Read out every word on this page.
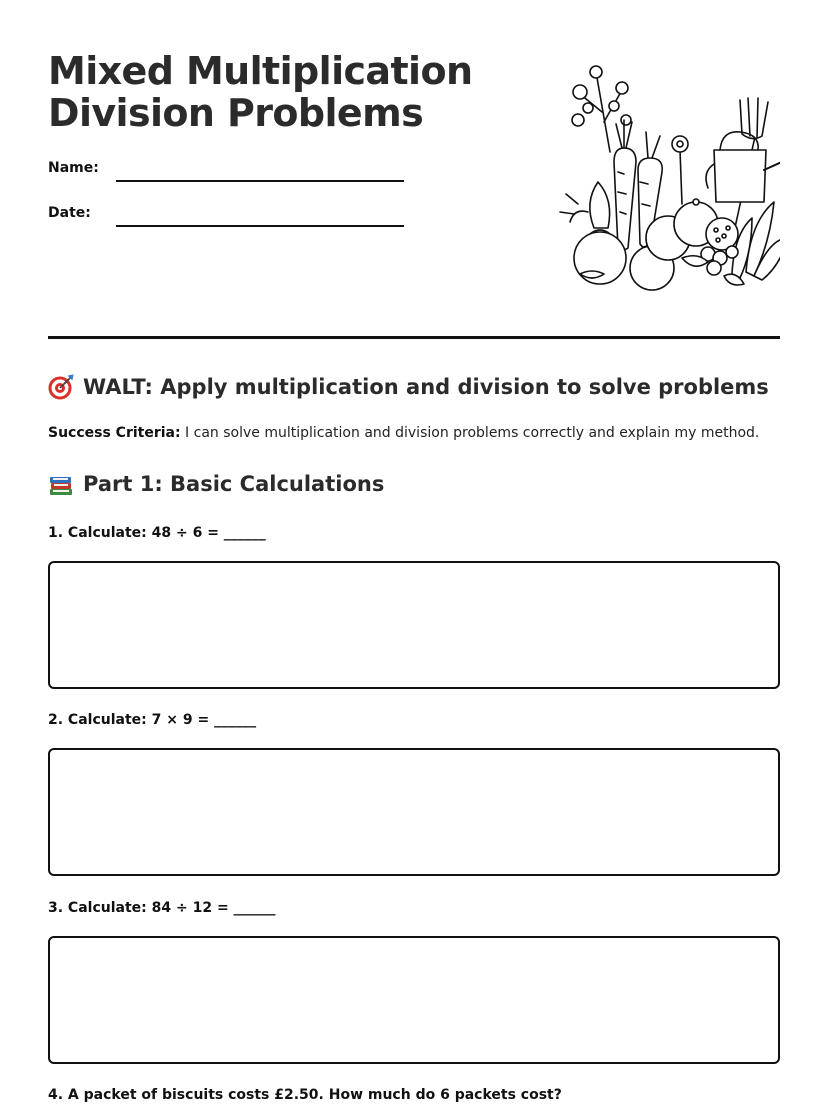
Mixed Multiplication
Division Problems
Name:
Date:
WALT: Apply multiplication and division to solve problems
Success Criteria: I can solve multiplication and division problems correctly and explain my method.
Part 1: Basic Calculations
1. Calculate: 48 ÷ 6 = ______
2. Calculate: 7 × 9 = ______
3. Calculate: 84 ÷ 12 = ______
4. A packet of biscuits costs £2.50. How much do 6 packets cost?
